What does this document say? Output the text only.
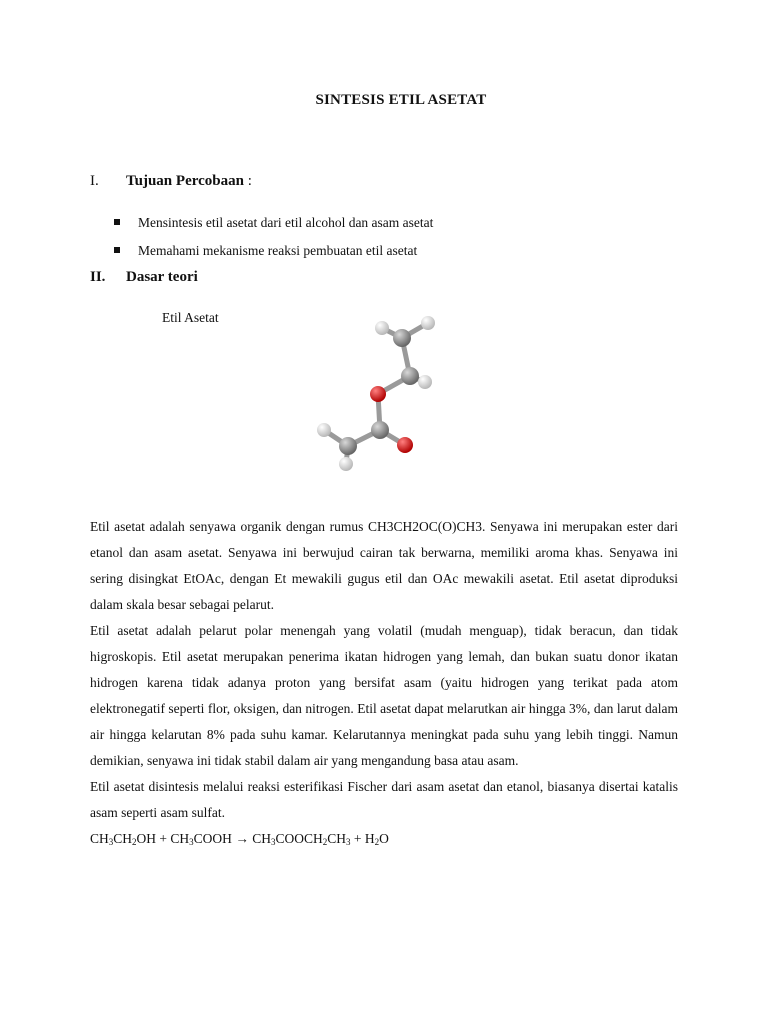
SINTESIS ETIL ASETAT
I. Tujuan Percobaan :
Mensintesis etil asetat dari etil alcohol dan asam asetat
Memahami mekanisme reaksi pembuatan etil asetat
II. Dasar teori
Etil Asetat

Etil asetat adalah senyawa organik dengan rumus CH3CH2OC(O)CH3. Senyawa ini merupakan ester dari etanol dan asam asetat. Senyawa ini berwujud cairan tak berwarna, memiliki aroma khas. Senyawa ini sering disingkat EtOAc, dengan Et mewakili gugus etil dan OAc mewakili asetat. Etil asetat diproduksi dalam skala besar sebagai pelarut.

Etil asetat adalah pelarut polar menengah yang volatil (mudah menguap), tidak beracun, dan tidak higroskopis. Etil asetat merupakan penerima ikatan hidrogen yang lemah, dan bukan suatu donor ikatan hidrogen karena tidak adanya proton yang bersifat asam (yaitu hidrogen yang terikat pada atom elektronegatif seperti flor, oksigen, dan nitrogen. Etil asetat dapat melarutkan air hingga 3%, dan larut dalam air hingga kelarutan 8% pada suhu kamar. Kelarutannya meningkat pada suhu yang lebih tinggi. Namun demikian, senyawa ini tidak stabil dalam air yang mengandung basa atau asam.

Etil asetat disintesis melalui reaksi esterifikasi Fischer dari asam asetat dan etanol, biasanya disertai katalis asam seperti asam sulfat.

$CH_3CH_2OH$ + $CH_3COOH$ → $CH_3COOCH_2CH_3 + H_2O$
